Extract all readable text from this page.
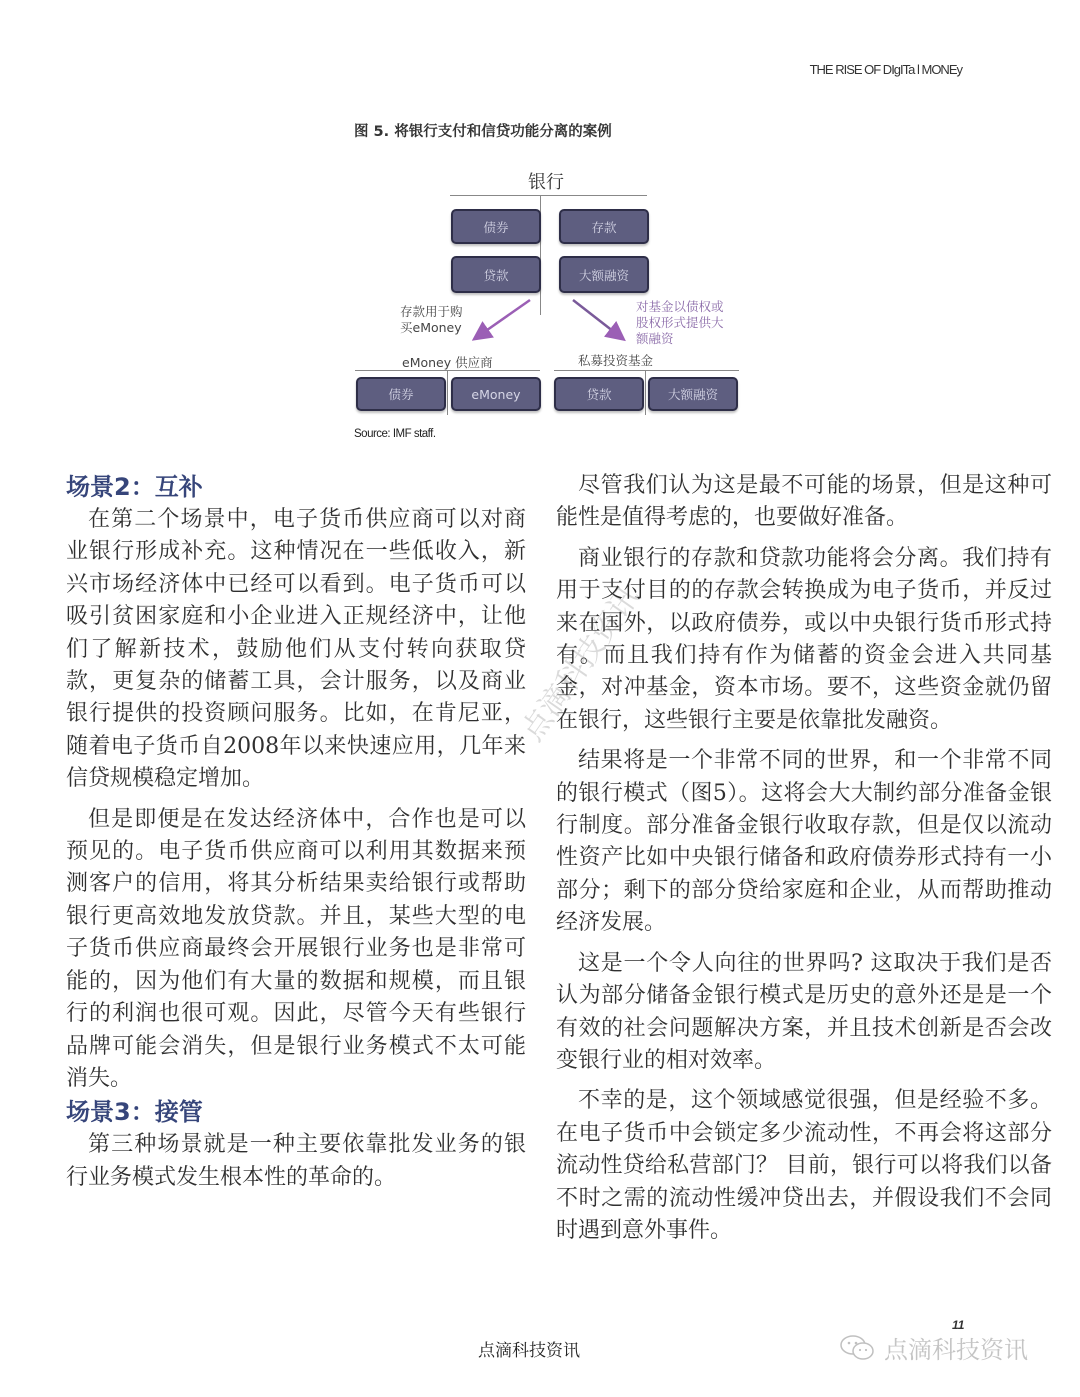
THE RISE OF DIgITa l MONEy
图 5. 将银行支付和信贷功能分离的案例
银行
债券
贷款
存款
大额融资
存款用于购
买eMoney
对基金以债权或
股权形式提供大
额融资
eMoney 供应商	私募投资基金
债券	eMoney	贷款	大额融资
Source: IMF staff.
点滴科技资讯
场景2：互补

在第二个场景中，电子货币供应商可以对商业银行形成补充。这种情况在一些低收入，新兴市场经济体中已经可以看到。电子货币可以吸引贫困家庭和小企业进入正规经济中，让他们了解新技术，鼓励他们从支付转向获取贷款，更复杂的储蓄工具，会计服务，以及商业银行提供的投资顾问服务。比如，在肯尼亚，随着电子货币自2008年以来快速应用，几年来信贷规模稳定增加。

但是即便是在发达经济体中，合作也是可以预见的。电子货币供应商可以利用其数据来预测客户的信用，将其分析结果卖给银行或帮助银行更高效地发放贷款。并且，某些大型的电子货币供应商最终会开展银行业务也是非常可能的，因为他们有大量的数据和规模，而且银行的利润也很可观。因此，尽管今天有些银行品牌可能会消失，但是银行业务模式不太可能消失。

场景3：接管

第三种场景就是一种主要依靠批发业务的银行业务模式发生根本性的革命的。

尽管我们认为这是最不可能的场景，但是这种可能性是值得考虑的，也要做好准备。

商业银行的存款和贷款功能将会分离。我们持有用于支付目的的存款会转换成为电子货币，并反过来在国外，以政府债券，或以中央银行货币形式持有。而且我们持有作为储蓄的资金会进入共同基金，对冲基金，资本市场。要不，这些资金就仍留在银行，这些银行主要是依靠批发融资。

结果将是一个非常不同的世界，和一个非常不同的银行模式（图5）。这将会大大制约部分准备金银行制度。部分准备金银行收取存款，但是仅以流动性资产比如中央银行储备和政府债券形式持有一小部分；剩下的部分贷给家庭和企业，从而帮助推动经济发展。

这是一个令人向往的世界吗? 这取决于我们是否认为部分储备金银行模式是历史的意外还是是一个有效的社会问题解决方案，并且技术创新是否会改变银行业的相对效率。

不幸的是，这个领域感觉很强，但是经验不多。在电子货币中会锁定多少流动性，不再会将这部分流动性贷给私营部门？ 目前，银行可以将我们以备不时之需的流动性缓冲贷出去，并假设我们不会同时遇到意外事件。

点滴科技资讯
11
点滴科技资讯
